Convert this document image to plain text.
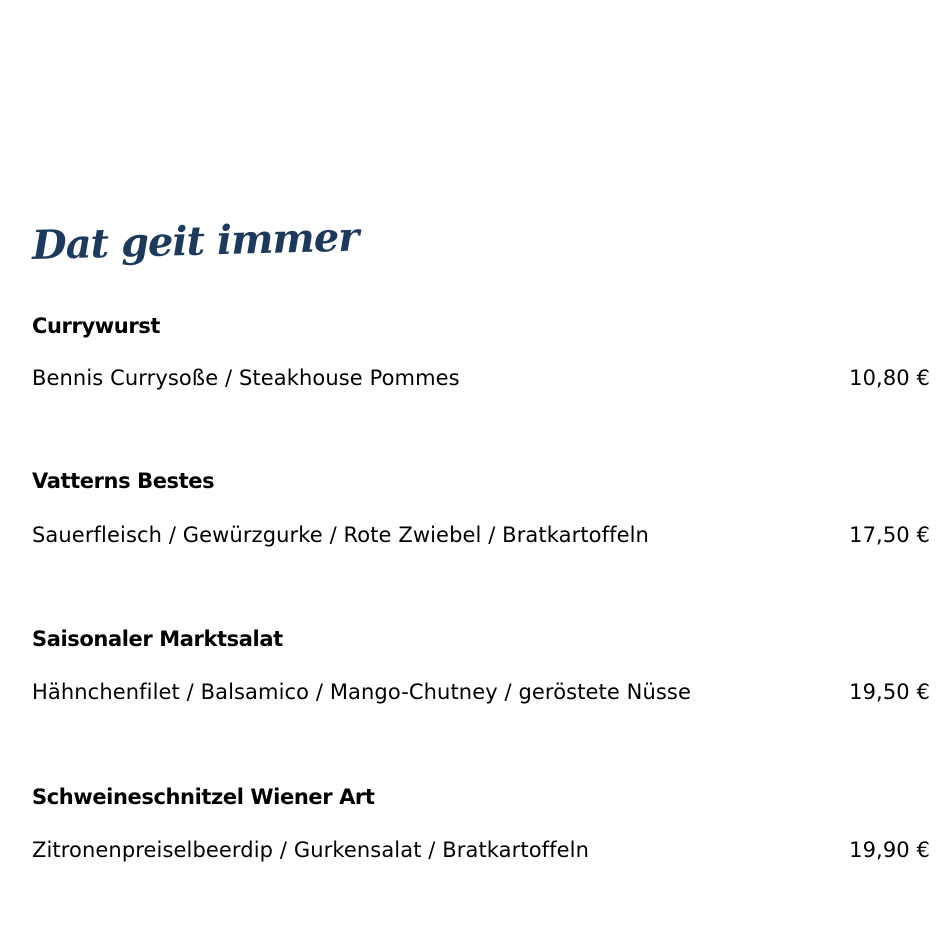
Dat geit immer
Currywurst
Bennis Currysoße / Steakhouse Pommes	10,80 €
Vatterns Bestes
Sauerfleisch / Gewürzgurke / Rote Zwiebel / Bratkartoffeln	17,50 €
Saisonaler Marktsalat
Hähnchenfilet / Balsamico / Mango-Chutney / geröstete Nüsse	19,50 €
Schweineschnitzel Wiener Art
Zitronenpreiselbeerdip / Gurkensalat / Bratkartoffeln	19,90 €
